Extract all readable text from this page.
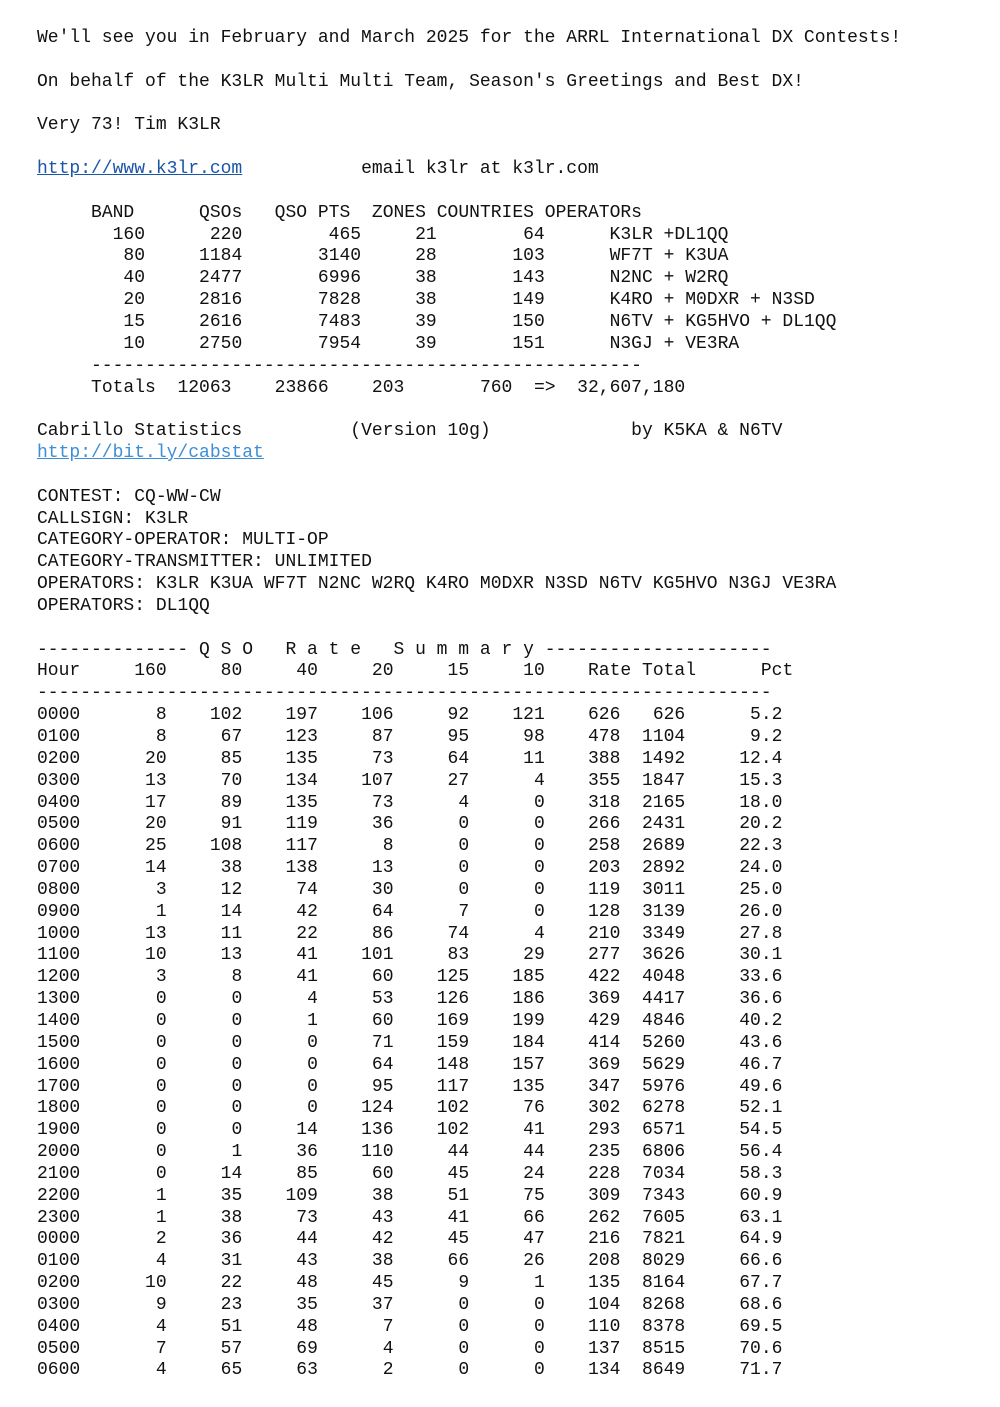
We'll see you in February and March 2025 for the ARRL International DX Contests!
On behalf of the K3LR Multi Multi Team, Season's Greetings and Best DX!
Very 73! Tim K3LR
http://www.k3lr.com	email k3lr at k3lr.com
BAND	QSOs QSO PTS ZONES COUNTRIES OPERATORs
160	220	465	21	64	K3LR +DL1QQ
80	1184	3140	28	103	WF7T + K3UA
40	2477	6996	38	143	N2NC + W2RQ
20	2816	7828	38	149	K4RO + M0DXR + N3SD
15	2616	7483	39	150	N6TV + KG5HVO + DL1QQ
10	2750	7954	39	151	N3GJ + VE3RA
---------------------------------------------------
Totals 12063 23866 203	760 => 32,607,180
Cabrillo Statistics	(Version 10g)	by K5KA & N6TV
http://bit.ly/cabstat
CONTEST: CQ-WW-CW
CALLSIGN: K3LR
CATEGORY-OPERATOR: MULTI-OP
CATEGORY-TRANSMITTER: UNLIMITED
OPERATORS: K3LR K3UA WF7T N2NC W2RQ K4RO M0DXR N3SD N6TV KG5HVO N3GJ VE3RA
OPERATORS: DL1QQ
-------------- Q S O   R a t e   S u m m a r y ---------------------
Hour	160	80	40	20	15	10 Rate Total	Pct
--------------------------------------------------------------------
0000	8 102 197 106	92 121 626 626	5.2
0100	8	67 123	87	95	98 478 1104	9.2
0200	20	85 135	73	64	11 388 1492	12.4
0300	13	70 134 107	27	4 355 1847	15.3
0400	17	89 135	73	4	0 318 2165	18.0
0500	20	91 119	36	0	0 266 2431	20.2
0600	25 108 117	8	0	0 258 2689	22.3
0700	14	38 138	13	0	0 203 2892	24.0
0800	3	12	74	30	0	0 119 3011	25.0
0900	1	14	42	64	7	0 128 3139	26.0
1000	13	11	22	86	74	4 210 3349	27.8
1100	10	13	41 101	83	29 277 3626	30.1
1200	3	8	41	60 125 185 422 4048	33.6
1300	0	0	4	53 126 186 369 4417	36.6
1400	0	0	1	60 169 199 429 4846	40.2
1500	0	0	0	71 159 184 414 5260	43.6
1600	0	0	0	64 148 157 369 5629	46.7
1700	0	0	0	95 117 135 347 5976	49.6
1800	0	0	0 124 102	76 302 6278	52.1
1900	0	0	14 136 102	41 293 6571	54.5
2000	0	1	36 110	44	44 235 6806	56.4
2100	0	14	85	60	45	24 228 7034	58.3
2200	1	35 109	38	51	75 309 7343	60.9
2300	1	38	73	43	41	66 262 7605	63.1
0000	2	36	44	42	45	47 216 7821	64.9
0100	4	31	43	38	66	26 208 8029	66.6
0200	10	22	48	45	9	1 135 8164	67.7
0300	9	23	35	37	0	0 104 8268	68.6
0400	4	51	48	7	0	0 110 8378	69.5
0500	7	57	69	4	0	0 137 8515	70.6
0600	4	65	63	2	0	0 134 8649	71.7
